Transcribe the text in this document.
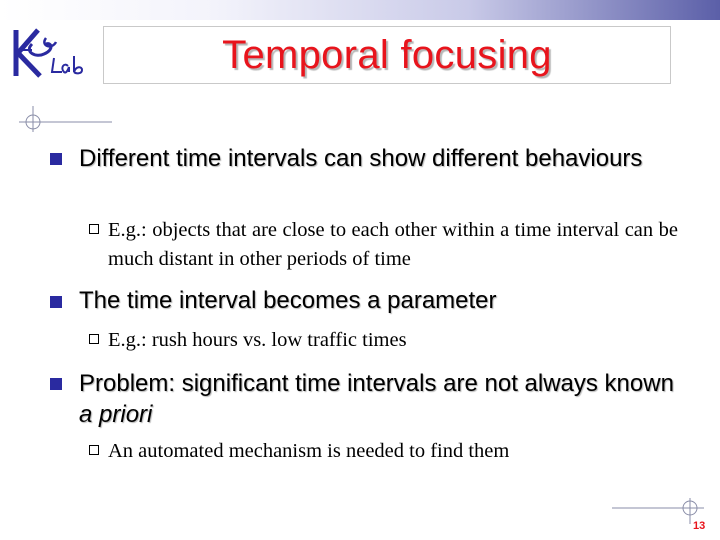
Temporal focusing
Different time intervals can show different behaviours
E.g.: objects that are close to each other within a time interval can be much distant in other periods of time
The time interval becomes a parameter
E.g.: rush hours vs. low traffic times
Problem: significant time intervals are not always known a priori
An automated mechanism is needed to find them
13
